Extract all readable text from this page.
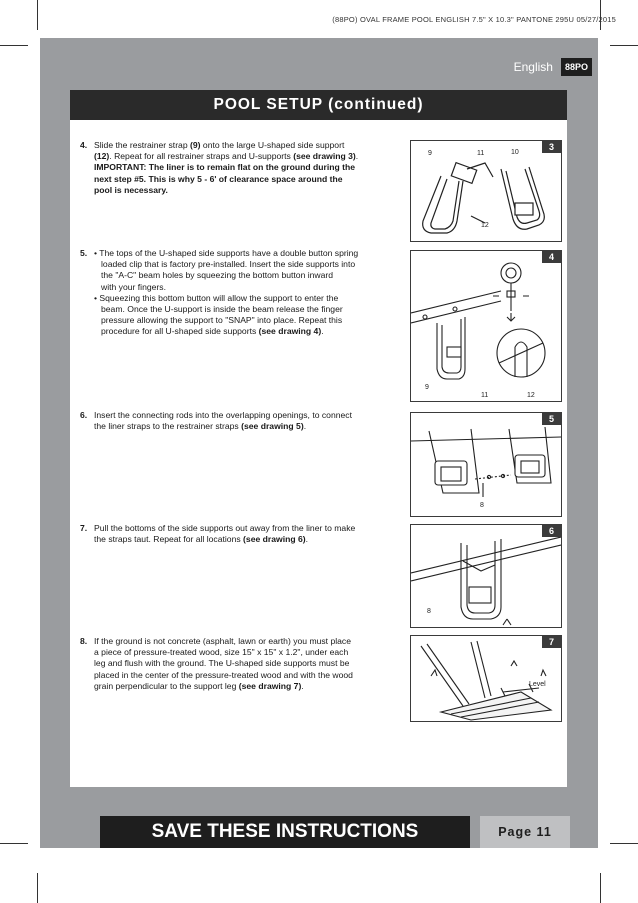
(88PO) OVAL FRAME POOL ENGLISH 7.5" X 10.3" PANTONE 295U 05/27/2015
English	88PO
POOL SETUP (continued)
4. Slide the restrainer strap (9) onto the large U-shaped side support
(12). Repeat for all restrainer straps and U-supports (see drawing 3).
IMPORTANT: The liner is to remain flat on the ground during the
next step #5. This is why 5 - 6' of clearance space around the
pool is necessary.
5. • The tops of the U-shaped side supports have a double button spring
loaded clip that is factory pre-installed. Insert the side supports into
the "A-C" beam holes by squeezing the bottom button inward
with your fingers.
• Squeezing this bottom button will allow the support to enter the
beam. Once the U-support is inside the beam release the finger
pressure allowing the support to "SNAP" into place. Repeat this
procedure for all U-shaped side supports (see drawing 4).
6. Insert the connecting rods into the overlapping openings, to connect
the liner straps to the restrainer straps (see drawing 5).
7. Pull the bottoms of the side supports out away from the liner to make
the straps taut. Repeat for all locations (see drawing 6).
8. If the ground is not concrete (asphalt, lawn or earth) you must place
a piece of pressure-treated wood, size 15" x 15" x 1.2", under each
leg and flush with the ground. The U-shaped side supports must be
placed in the center of the pressure-treated wood and with the wood
grain perpendicular to the support leg (see drawing 7).
3
9	11	10
12
4
9
11	12
5
8
6
8
7
Level
SAVE THESE INSTRUCTIONS	Page 11
